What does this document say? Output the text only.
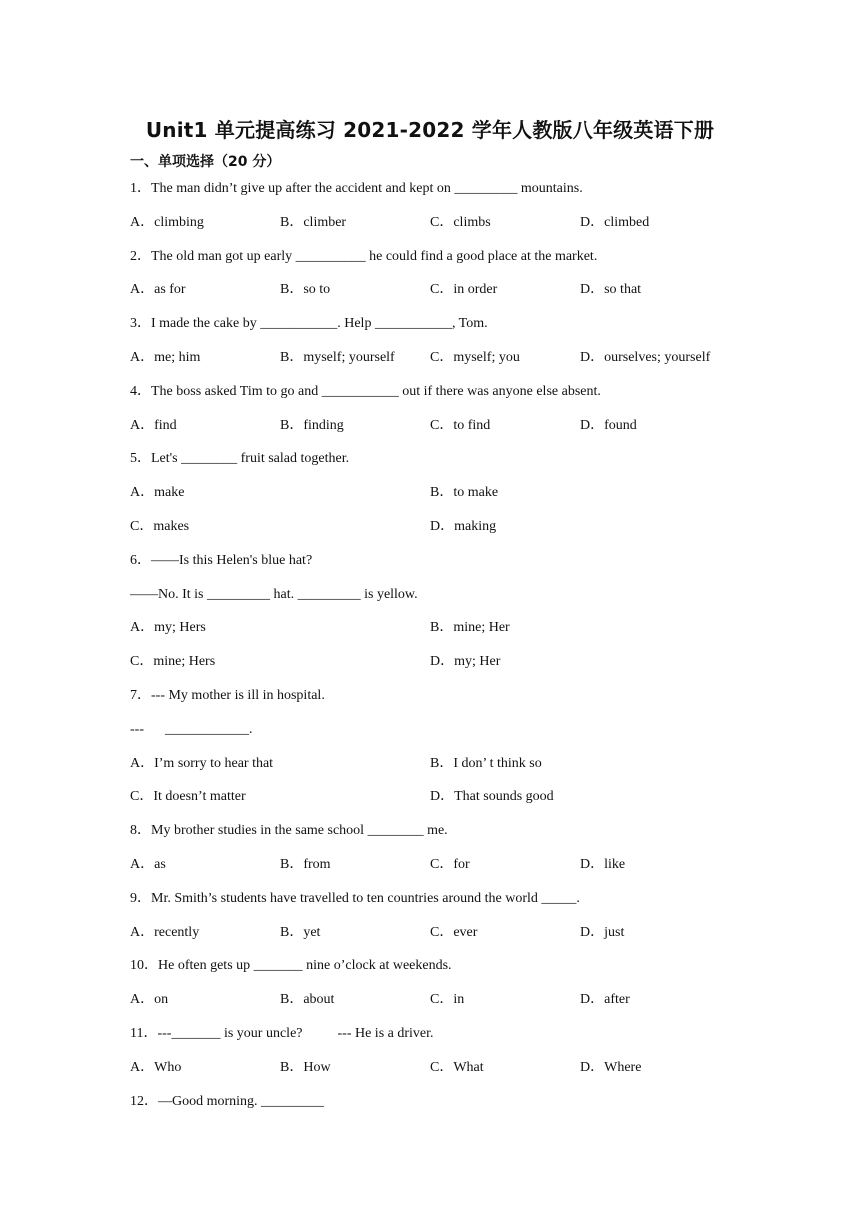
Unit1 单元提高练习 2021-2022 学年人教版八年级英语下册
一、单项选择（20 分）
1．The man didn’t give up after the accident and kept on _________ mountains.
A．climbing	B．climber	C．climbs	D．climbed
2．The old man got up early __________ he could find a good place at the market.
A．as for	B．so to	C．in order	D．so that
3．I made the cake by ___________. Help ___________, Tom.
A．me; him	B．myself; yourself	C．myself; you	D．ourselves; yourself
4．The boss asked Tim to go and ___________ out if there was anyone else absent.
A．find	B．finding	C．to find	D．found
5．Let's ________ fruit salad together.
A．make	B．to make
C．makes	D．making
6．——Is this Helen's blue hat?
——No. It is _________ hat. _________ is yellow.
A．my; Hers	B．mine; Her
C．mine; Hers	D．my; Her
7．--- My mother is ill in hospital.
---      ____________.
A．I’m sorry to hear that	B．I don’ t think so
C．It doesn’t matter	D．That sounds good
8．My brother studies in the same school ________ me.
A．as	B．from	C．for	D．like
9．Mr. Smith’s students have travelled to ten countries around the world _____.
A．recently	B．yet	C．ever	D．just
10．He often gets up _______ nine o’clock at weekends.
A．on	B．about	C．in	D．after
11．---_______ is your uncle?          --- He is a driver.
A．Who	B．How	C．What	D．Where
12．—Good morning. _________
